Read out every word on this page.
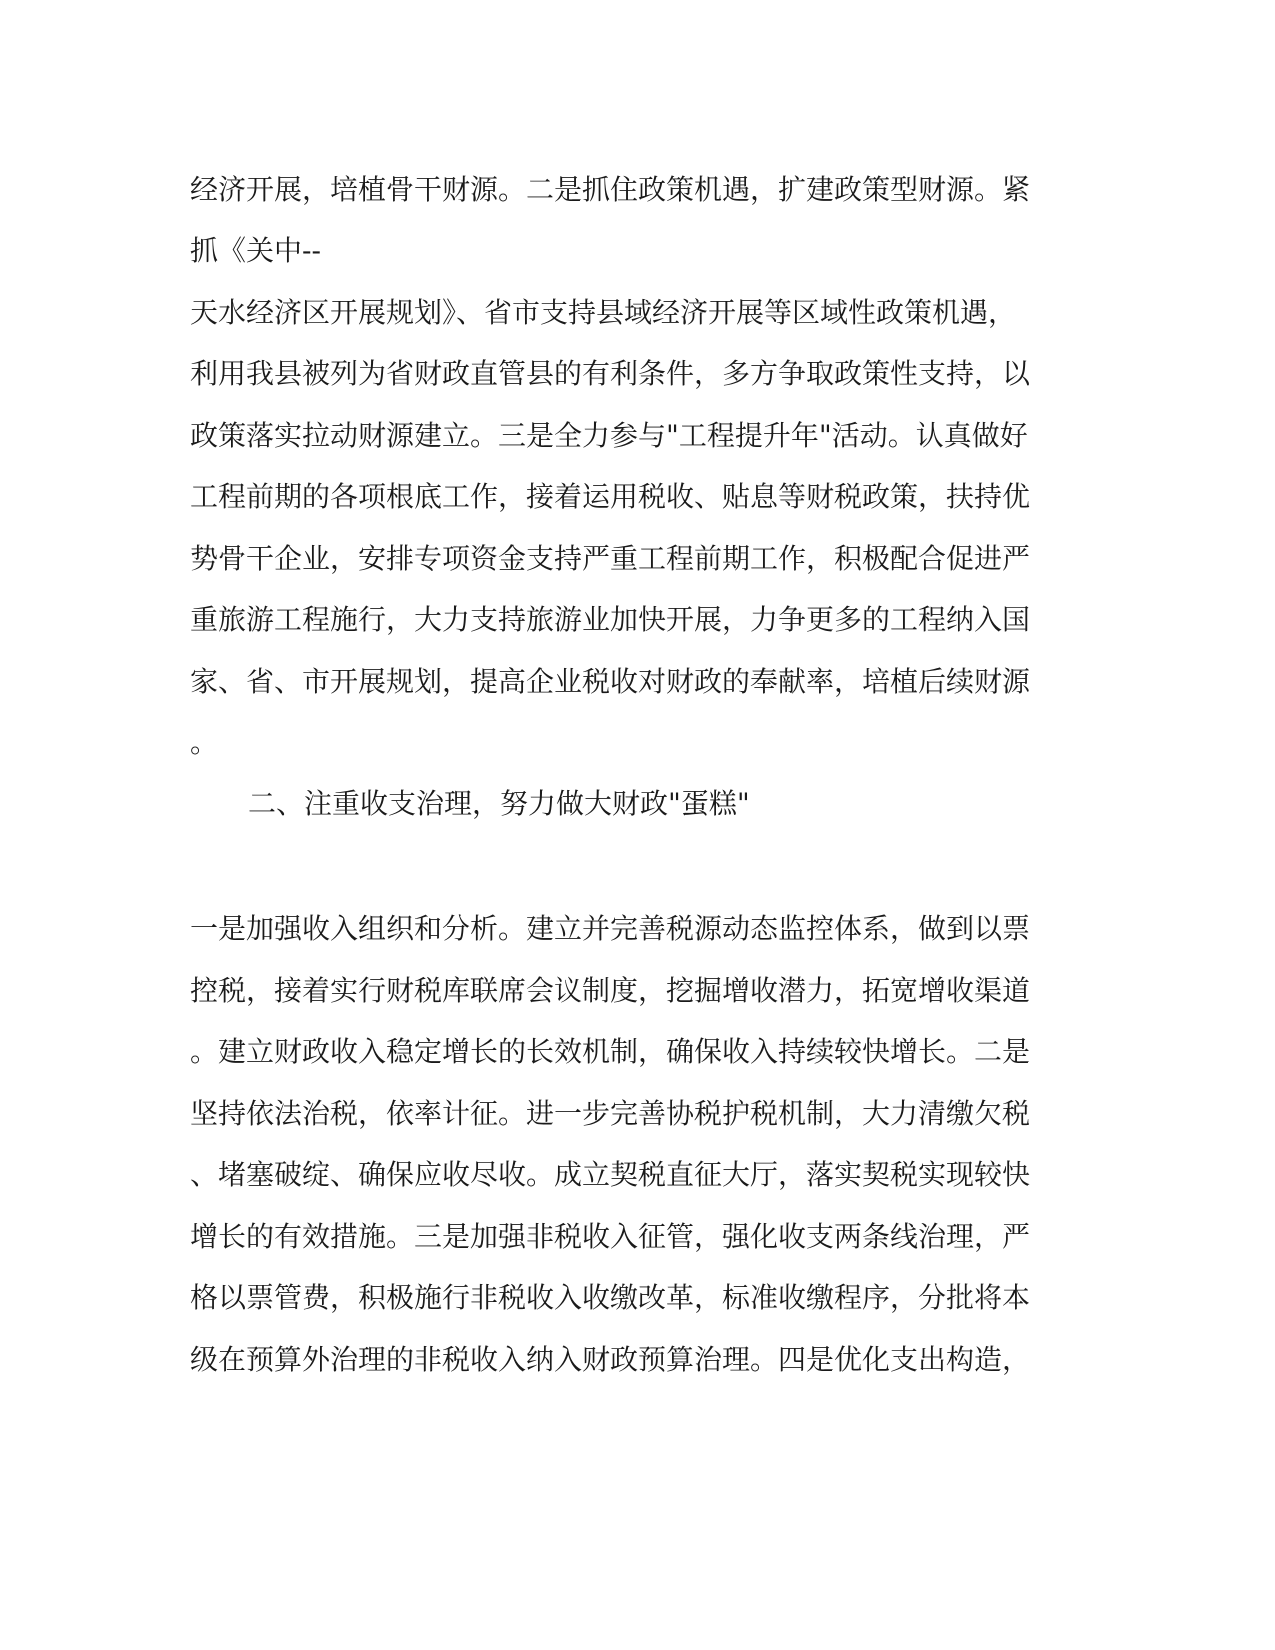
经济开展，培植骨干财源。二是抓住政策机遇，扩建政策型财源。紧
抓《关中--
天水经济区开展规划》、省市支持县域经济开展等区域性政策机遇，
利用我县被列为省财政直管县的有利条件，多方争取政策性支持，以
政策落实拉动财源建立。三是全力参与"工程提升年"活动。认真做好
工程前期的各项根底工作，接着运用税收、贴息等财税政策，扶持优
势骨干企业，安排专项资金支持严重工程前期工作，积极配合促进严
重旅游工程施行，大力支持旅游业加快开展，力争更多的工程纳入国
家、省、市开展规划，提高企业税收对财政的奉献率，培植后续财源
。
二、注重收支治理，努力做大财政"蛋糕"
一是加强收入组织和分析。建立并完善税源动态监控体系，做到以票
控税，接着实行财税库联席会议制度，挖掘增收潜力，拓宽增收渠道
。建立财政收入稳定增长的长效机制，确保收入持续较快增长。二是
坚持依法治税，依率计征。进一步完善协税护税机制，大力清缴欠税
、堵塞破绽、确保应收尽收。成立契税直征大厅，落实契税实现较快
增长的有效措施。三是加强非税收入征管，强化收支两条线治理，严
格以票管费，积极施行非税收入收缴改革，标准收缴程序，分批将本
级在预算外治理的非税收入纳入财政预算治理。四是优化支出构造，
